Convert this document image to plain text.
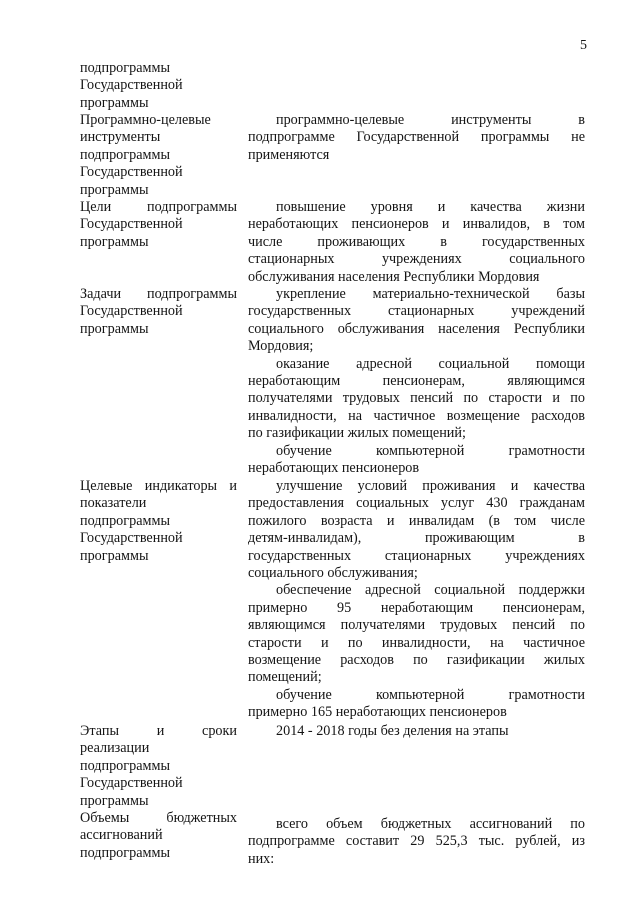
5
подпрограммы
Государственной
программы
Программно-целевые
инструменты
подпрограммы
Государственной
программы
программно-целевые инструменты в
подпрограмме Государственной программы не
применяются
Цели подпрограммы
Государственной
программы
повышение уровня и качества жизни
неработающих пенсионеров и инвалидов, в том
числе проживающих в государственных
стационарных учреждениях социального
обслуживания населения Республики Мордовия
Задачи подпрограммы
Государственной
программы
укрепление материально-технической базы
государственных стационарных учреждений
социального обслуживания населения Республики
Мордовия;
оказание адресной социальной помощи
неработающим пенсионерам, являющимся
получателями трудовых пенсий по старости и по
инвалидности, на частичное возмещение расходов
по газификации жилых помещений;
обучение компьютерной грамотности
неработающих пенсионеров
Целевые индикаторы и
показатели
подпрограммы
Государственной
программы
улучшение условий проживания и качества
предоставления социальных услуг 430 гражданам
пожилого возраста и инвалидам (в том числе
детям-инвалидам), проживающим в
государственных стационарных учреждениях
социального обслуживания;
обеспечение адресной социальной поддержки
примерно 95 неработающим пенсионерам,
являющимся получателями трудовых пенсий по
старости и по инвалидности, на частичное
возмещение расходов по газификации жилых
помещений;
обучение компьютерной грамотности
примерно 165 неработающих пенсионеров
Этапы и сроки
реализации
подпрограммы
Государственной
программы
2014 - 2018 годы без деления на этапы
Объемы бюджетных
ассигнований
подпрограммы
всего объем бюджетных ассигнований по
подпрограмме составит 29 525,3 тыс. рублей, из
них:
